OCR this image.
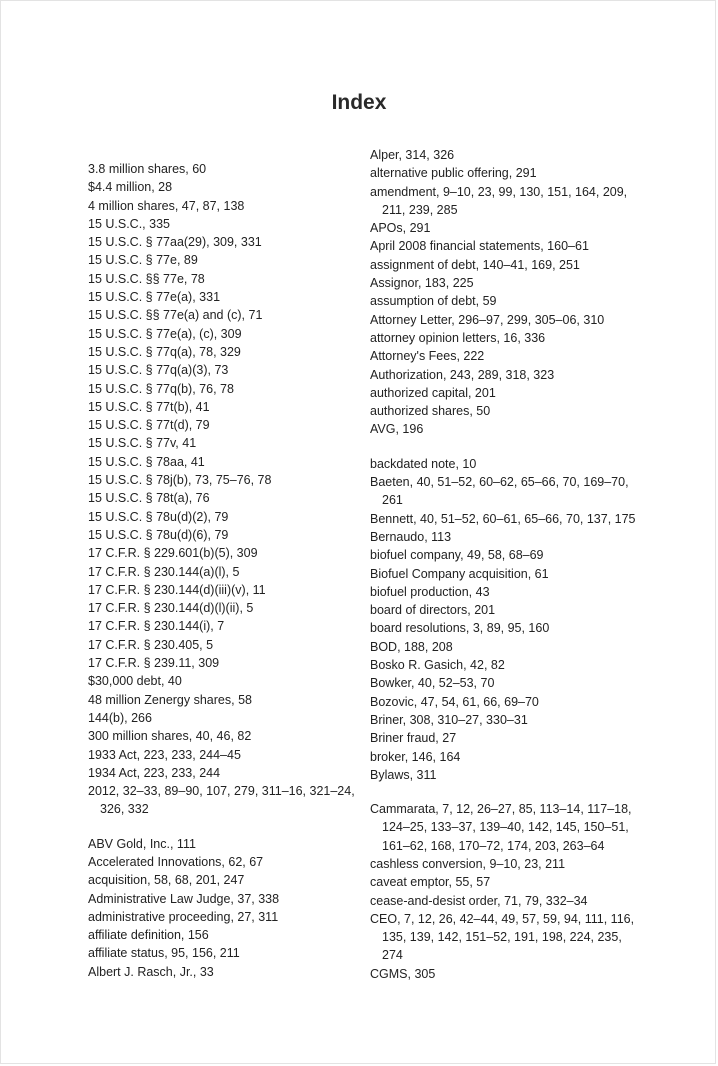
Index
3.8 million shares, 60
$4.4 million, 28
4 million shares, 47, 87, 138
15 U.S.C., 335
15 U.S.C. § 77aa(29), 309, 331
15 U.S.C. § 77e, 89
15 U.S.C. §§ 77e, 78
15 U.S.C. § 77e(a), 331
15 U.S.C. §§ 77e(a) and (c), 71
15 U.S.C. § 77e(a), (c), 309
15 U.S.C. § 77q(a), 78, 329
15 U.S.C. § 77q(a)(3), 73
15 U.S.C. § 77q(b), 76, 78
15 U.S.C. § 77t(b), 41
15 U.S.C. § 77t(d), 79
15 U.S.C. § 77v, 41
15 U.S.C. § 78aa, 41
15 U.S.C. § 78j(b), 73, 75–76, 78
15 U.S.C. § 78t(a), 76
15 U.S.C. § 78u(d)(2), 79
15 U.S.C. § 78u(d)(6), 79
17 C.F.R. § 229.601(b)(5), 309
17 C.F.R. § 230.144(a)(l), 5
17 C.F.R. § 230.144(d)(iii)(v), 11
17 C.F.R. § 230.144(d)(l)(ii), 5
17 C.F.R. § 230.144(i), 7
17 C.F.R. § 230.405, 5
17 C.F.R. § 239.11, 309
$30,000 debt, 40
48 million Zenergy shares, 58
144(b), 266
300 million shares, 40, 46, 82
1933 Act, 223, 233, 244–45
1934 Act, 223, 233, 244
2012, 32–33, 89–90, 107, 279, 311–16, 321–24, 326, 332
ABV Gold, Inc., 111
Accelerated Innovations, 62, 67
acquisition, 58, 68, 201, 247
Administrative Law Judge, 37, 338
administrative proceeding, 27, 311
affiliate definition, 156
affiliate status, 95, 156, 211
Albert J. Rasch, Jr., 33
Alper, 314, 326
alternative public offering, 291
amendment, 9–10, 23, 99, 130, 151, 164, 209, 211, 239, 285
APOs, 291
April 2008 financial statements, 160–61
assignment of debt, 140–41, 169, 251
Assignor, 183, 225
assumption of debt, 59
Attorney Letter, 296–97, 299, 305–06, 310
attorney opinion letters, 16, 336
Attorney's Fees, 222
Authorization, 243, 289, 318, 323
authorized capital, 201
authorized shares, 50
AVG, 196
backdated note, 10
Baeten, 40, 51–52, 60–62, 65–66, 70, 169–70, 261
Bennett, 40, 51–52, 60–61, 65–66, 70, 137, 175
Bernaudo, 113
biofuel company, 49, 58, 68–69
Biofuel Company acquisition, 61
biofuel production, 43
board of directors, 201
board resolutions, 3, 89, 95, 160
BOD, 188, 208
Bosko R. Gasich, 42, 82
Bowker, 40, 52–53, 70
Bozovic, 47, 54, 61, 66, 69–70
Briner, 308, 310–27, 330–31
Briner fraud, 27
broker, 146, 164
Bylaws, 311
Cammarata, 7, 12, 26–27, 85, 113–14, 117–18, 124–25, 133–37, 139–40, 142, 145, 150–51, 161–62, 168, 170–72, 174, 203, 263–64
cashless conversion, 9–10, 23, 211
caveat emptor, 55, 57
cease-and-desist order, 71, 79, 332–34
CEO, 7, 12, 26, 42–44, 49, 57, 59, 94, 111, 116, 135, 139, 142, 151–52, 191, 198, 224, 235, 274
CGMS, 305
